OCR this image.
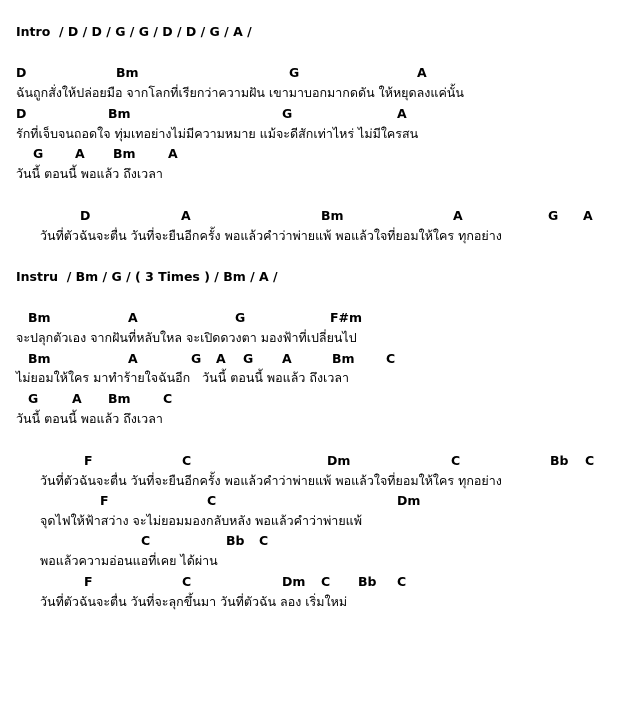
Intro  / D / D / G / G / D / D / G / A /

D

	Bm

	G

	A

ฉันถูกสั่งให้ปล่อยมือ จากโลกที่เรียกว่าความฝัน เขามาบอกมากดดัน ให้หยุดลงแค่นั้น

D

	Bm

	G

	A

รักที่เจ็บจนถอดใจ ทุ่มเทอย่างไม่มีความหมาย แม้จะดีสักเท่าไหร่ ไม่มีใครสน

G

	A

Bm

	A

วันนี้ ตอนนี้ พอแล้ว ถึงเวลา

D

	A

	Bm

	A

	G

A

วันที่ตัวฉันจะตื่น วันที่จะยืนอีกครั้ง พอแล้วคำว่าพ่ายแพ้ พอแล้วใจที่ยอมให้ใคร ทุกอย่าง

Instru  / Bm / G / ( 3 Times ) / Bm / A /

Bm

	A

	G

	F#m

จะปลุกตัวเอง จากฝันที่หลับใหล จะเปิดดวงตา มองฟ้าที่เปลี่ยนไป

Bm

	A

	G

A

G

A

	Bm

	C

ไม่ยอมให้ใคร มาทำร้ายใจฉันอีก   วันนี้ ตอนนี้ พอแล้ว ถึงเวลา

G

	A

Bm

	C

วันนี้ ตอนนี้ พอแล้ว ถึงเวลา

F

	C

	Dm

	C

	Bb

C

วันที่ตัวฉันจะตื่น วันที่จะยืนอีกครั้ง พอแล้วคำว่าพ่ายแพ้ พอแล้วใจที่ยอมให้ใคร ทุกอย่าง

F

	C

	Dm

จุดไฟให้ฟ้าสว่าง จะไม่ยอมมองกลับหลัง พอแล้วคำว่าพ่ายแพ้

C

	Bb

C

พอแล้วความอ่อนแอที่เคย ได้ผ่าน

F

	C

	Dm

C

Bb

C

วันที่ตัวฉันจะตื่น วันที่จะลุกขึ้นมา วันที่ตัวฉัน ลอง เริ่มใหม่
